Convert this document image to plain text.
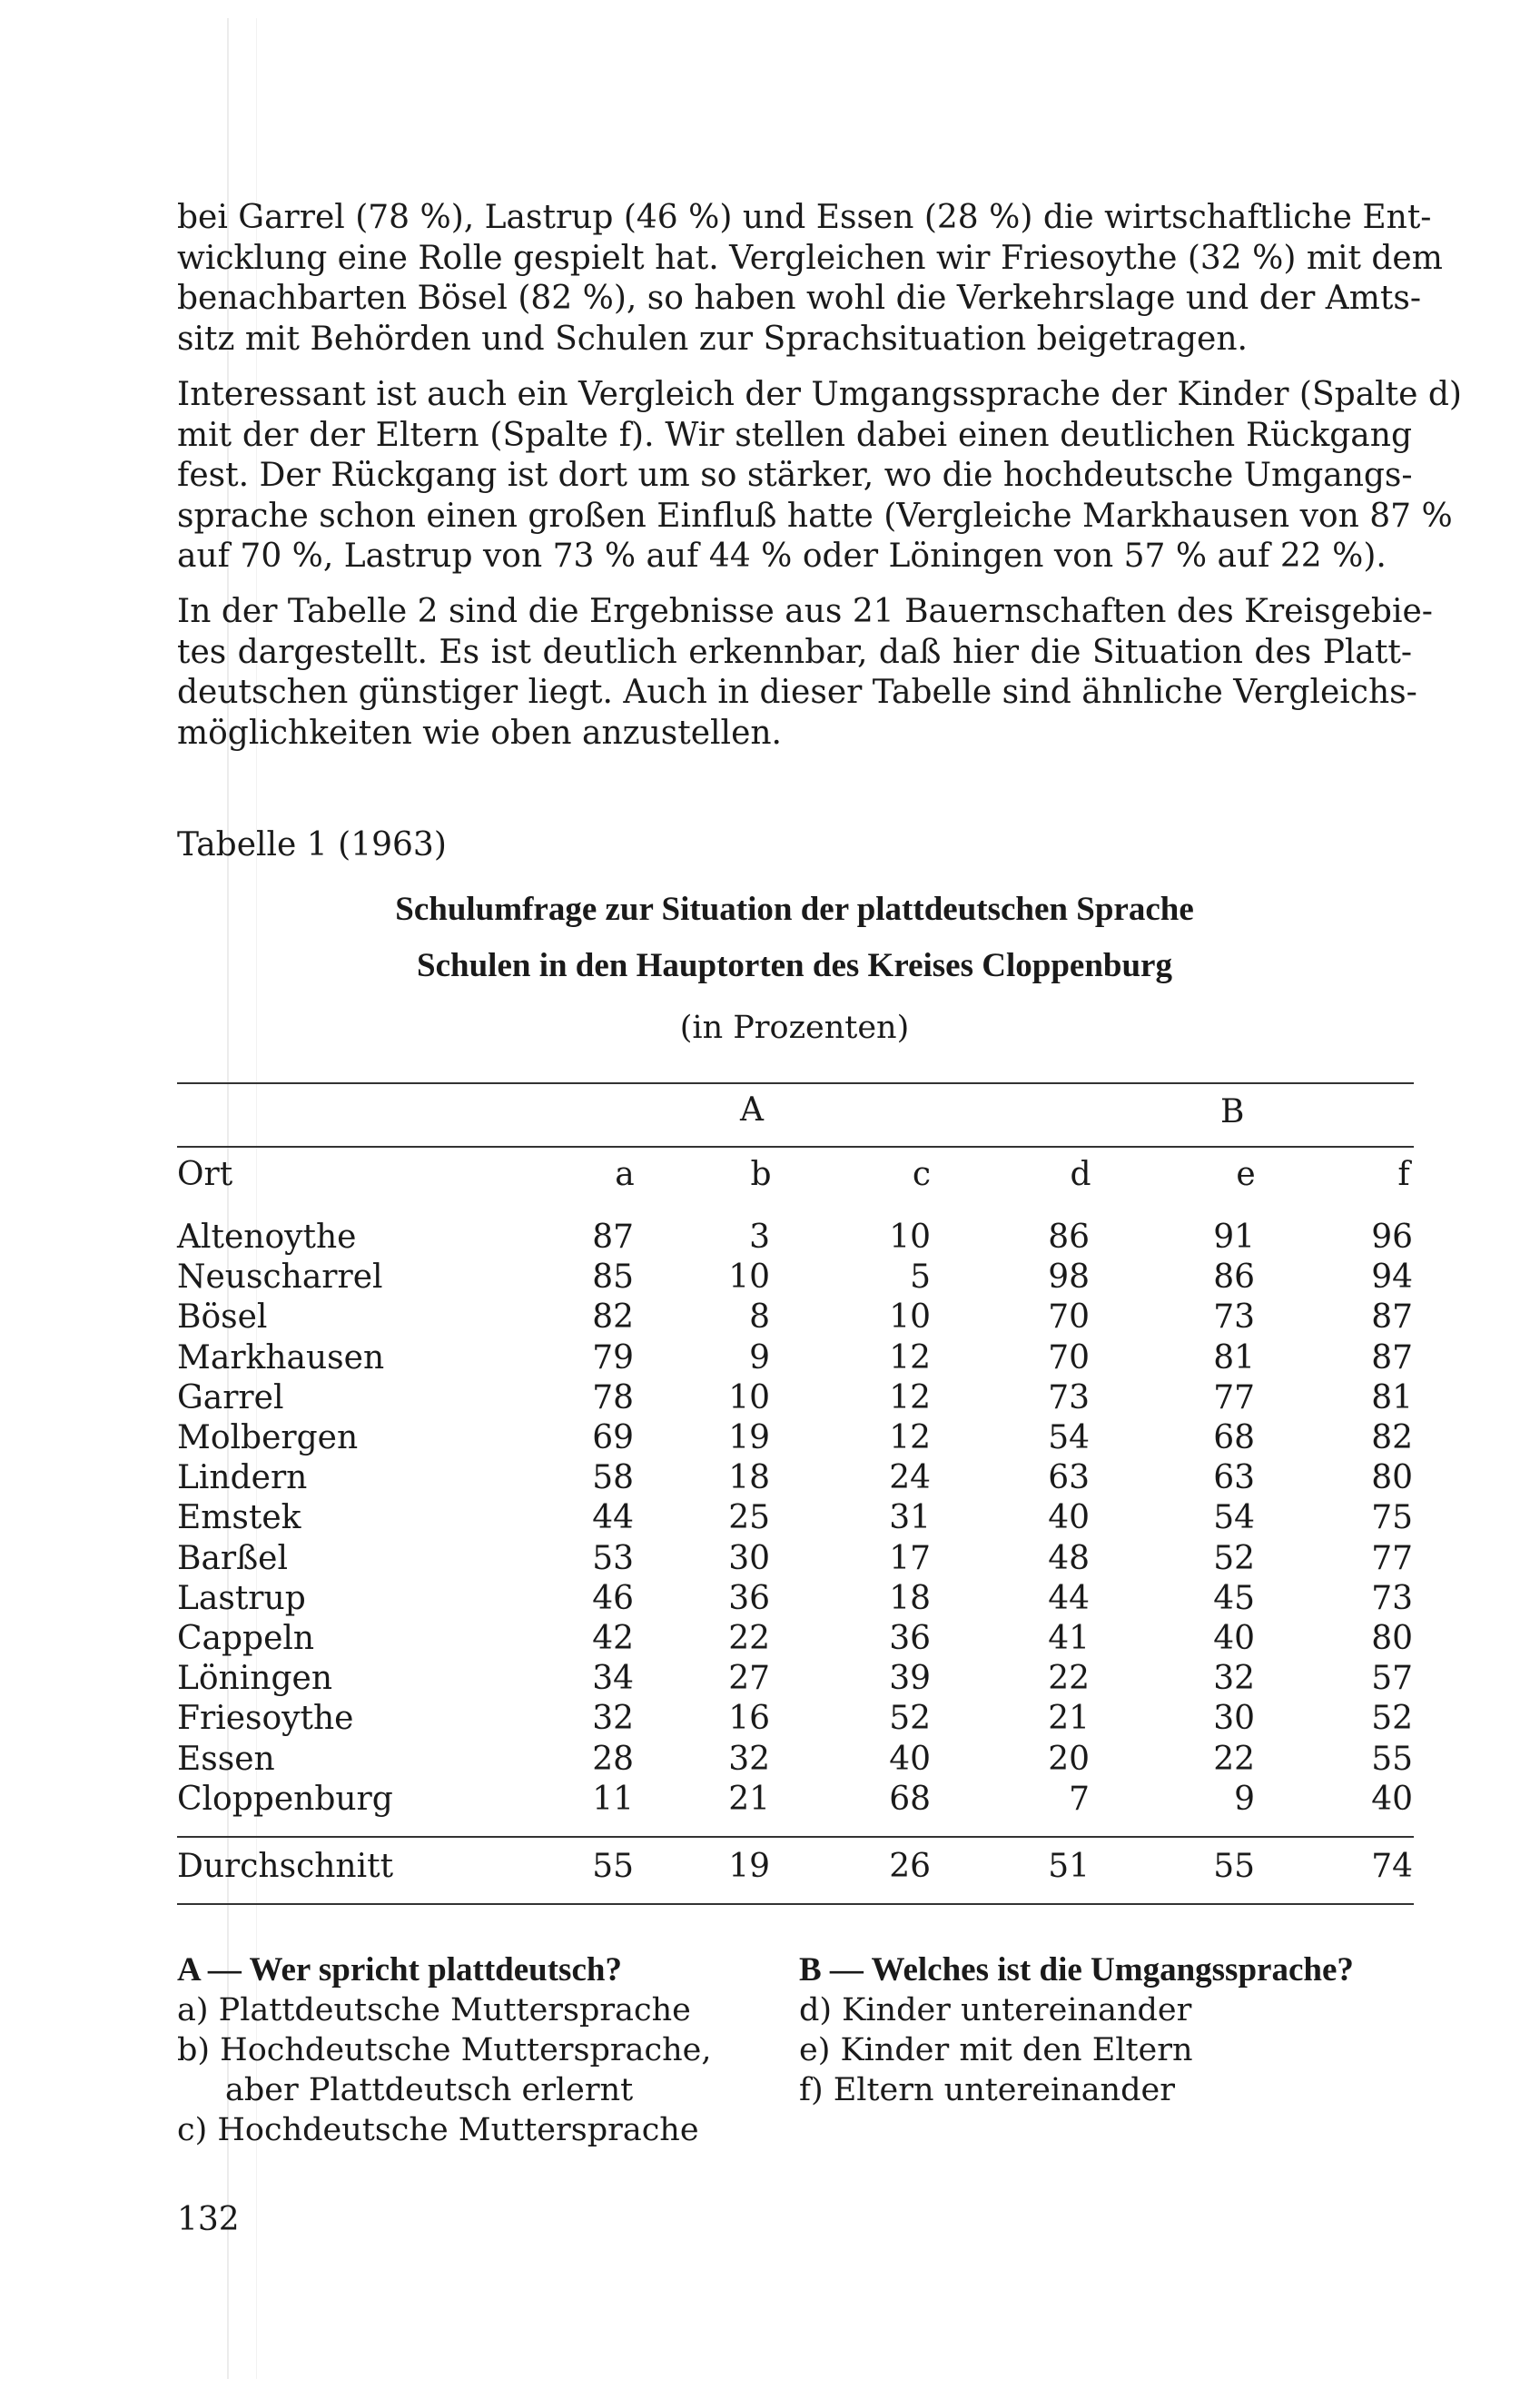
bei Garrel (78 %), Lastrup (46 %) und Essen (28 %) die wirtschaftliche Ent-
wicklung eine Rolle gespielt hat. Vergleichen wir Friesoythe (32 %) mit dem
benachbarten Bösel (82 %), so haben wohl die Verkehrslage und der Amts-
sitz mit Behörden und Schulen zur Sprachsituation beigetragen.
Interessant ist auch ein Vergleich der Umgangssprache der Kinder (Spalte d)
mit der der Eltern (Spalte f). Wir stellen dabei einen deutlichen Rückgang
fest. Der Rückgang ist dort um so stärker, wo die hochdeutsche Umgangs-
sprache schon einen großen Einfluß hatte (Vergleiche Markhausen von 87 %
auf 70 %, Lastrup von 73 % auf 44 % oder Löningen von 57 % auf 22 %).
In der Tabelle 2 sind die Ergebnisse aus 21 Bauernschaften des Kreisgebie-
tes dargestellt. Es ist deutlich erkennbar, daß hier die Situation des Platt-
deutschen günstiger liegt. Auch in dieser Tabelle sind ähnliche Vergleichs-
möglichkeiten wie oben anzustellen.
Tabelle 1 (1963)
Schulumfrage zur Situation der plattdeutschen Sprache
Schulen in den Hauptorten des Kreises Cloppenburg
(in Prozenten)
A	B
Ort	a	b	c	d	e	f
Altenoythe	87	3	10	86	91	96
Neuscharrel	85	10	5	98	86	94
Bösel	82	8	10	70	73	87
Markhausen	79	9	12	70	81	87
Garrel	78	10	12	73	77	81
Molbergen	69	19	12	54	68	82
Lindern	58	18	24	63	63	80
Emstek	44	25	31	40	54	75
Barßel	53	30	17	48	52	77
Lastrup	46	36	18	44	45	73
Cappeln	42	22	36	41	40	80
Löningen	34	27	39	22	32	57
Friesoythe	32	16	52	21	30	52
Essen	28	32	40	20	22	55
Cloppenburg	11	21	68	7	9	40
Durchschnitt	55	19	26	51	55	74
A — Wer spricht plattdeutsch?
a) Plattdeutsche Muttersprache
b) Hochdeutsche Muttersprache,
aber Plattdeutsch erlernt
c) Hochdeutsche Muttersprache
B — Welches ist die Umgangssprache?
d) Kinder untereinander
e) Kinder mit den Eltern
f) Eltern untereinander
132
